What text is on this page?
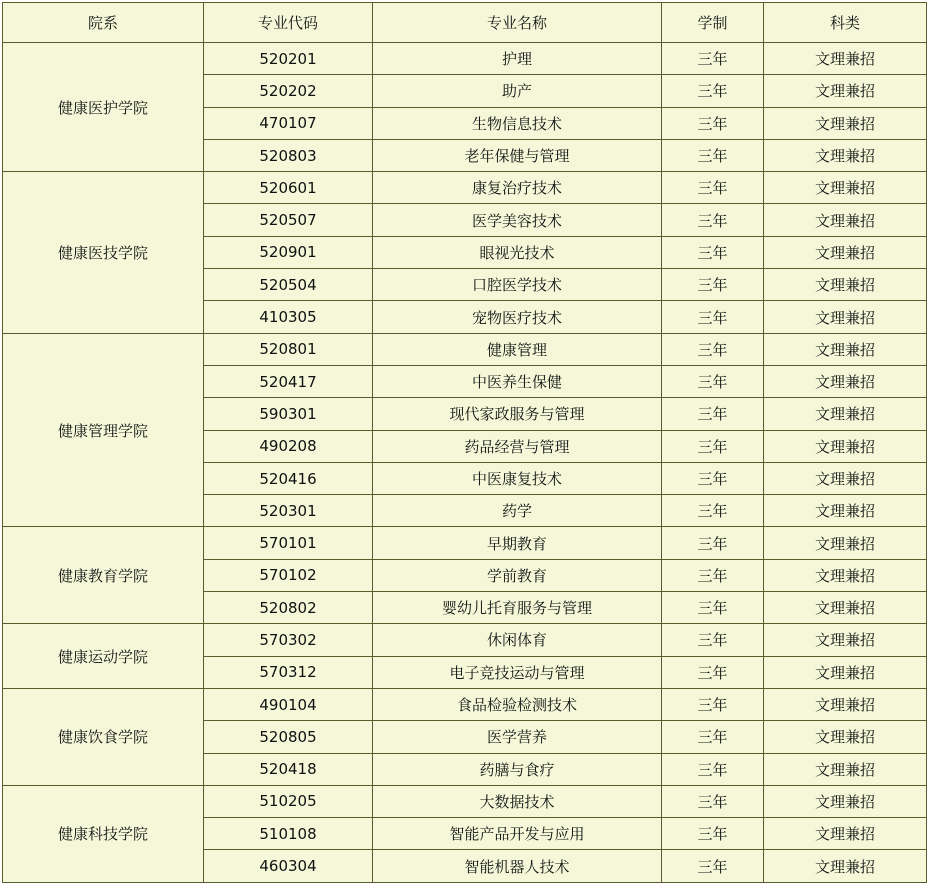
院系	专业代码	专业名称	学制	科类
健康医护学院	520201	护理	三年	文理兼招
	520202	助产	三年	文理兼招
	470107	生物信息技术	三年	文理兼招
	520803	老年保健与管理	三年	文理兼招
健康医技学院	520601	康复治疗技术	三年	文理兼招
	520507	医学美容技术	三年	文理兼招
	520901	眼视光技术	三年	文理兼招
	520504	口腔医学技术	三年	文理兼招
	410305	宠物医疗技术	三年	文理兼招
健康管理学院	520801	健康管理	三年	文理兼招
	520417	中医养生保健	三年	文理兼招
	590301	现代家政服务与管理	三年	文理兼招
	490208	药品经营与管理	三年	文理兼招
	520416	中医康复技术	三年	文理兼招
	520301	药学	三年	文理兼招
健康教育学院	570101	早期教育	三年	文理兼招
	570102	学前教育	三年	文理兼招
	520802	婴幼儿托育服务与管理	三年	文理兼招
健康运动学院	570302	休闲体育	三年	文理兼招
	570312	电子竞技运动与管理	三年	文理兼招
健康饮食学院	490104	食品检验检测技术	三年	文理兼招
	520805	医学营养	三年	文理兼招
	520418	药膳与食疗	三年	文理兼招
健康科技学院	510205	大数据技术	三年	文理兼招
	510108	智能产品开发与应用	三年	文理兼招
	460304	智能机器人技术	三年	文理兼招
